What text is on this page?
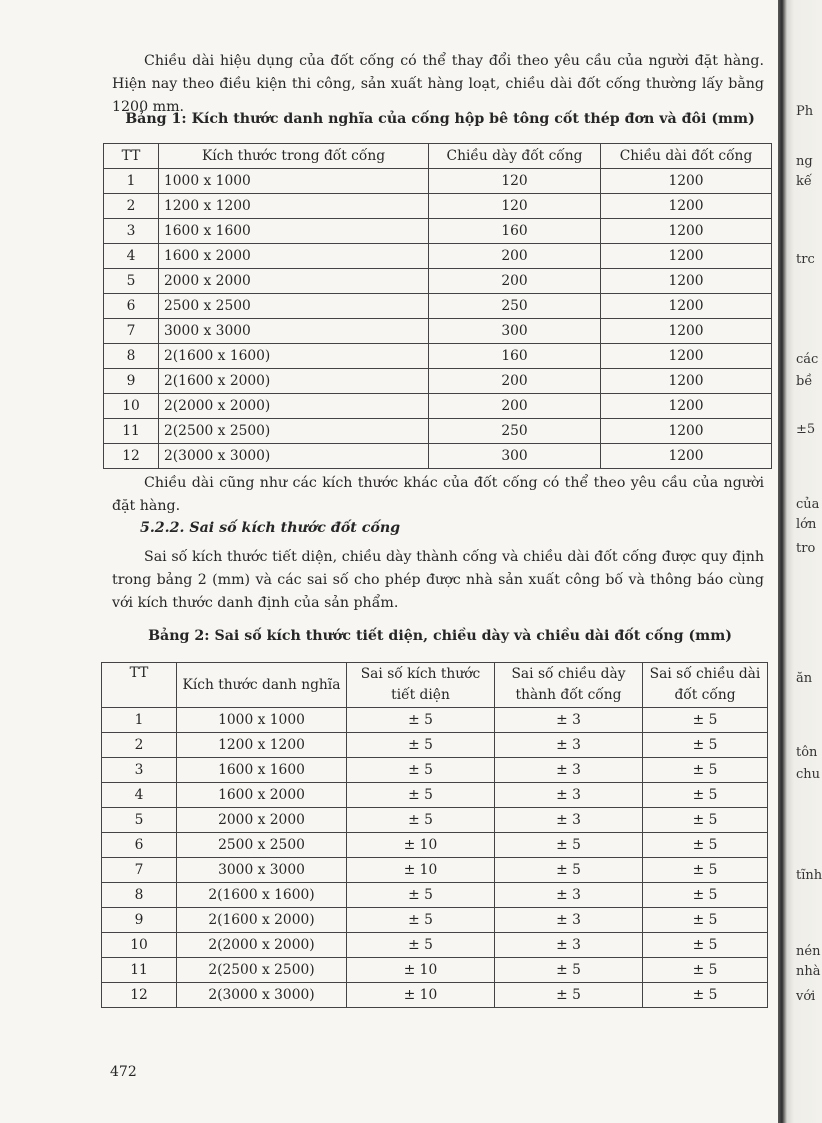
Chiều dài hiệu dụng của đốt cống có thể thay đổi theo yêu cầu của người đặt hàng. Hiện nay theo điều kiện thi công, sản xuất hàng loạt, chiều dài đốt cống thường lấy bằng 1200 mm.

Bảng 1: Kích thước danh nghĩa của cống hộp bê tông cốt thép đơn và đôi (mm)

TT	Kích thước trong đốt cống	Chiều dày đốt cống	Chiều dài đốt cống
1	1000 x 1000	120	1200
2	1200 x 1200	120	1200
3	1600 x 1600	160	1200
4	1600 x 2000	200	1200
5	2000 x 2000	200	1200
6	2500 x 2500	250	1200
7	3000 x 3000	300	1200
8	2(1600 x 1600)	160	1200
9	2(1600 x 2000)	200	1200
10	2(2000 x 2000)	200	1200
11	2(2500 x 2500)	250	1200
12	2(3000 x 3000)	300	1200

Chiều dài cũng như các kích thước khác của đốt cống có thể theo yêu cầu của người đặt hàng.

5.2.2. Sai số kích thước đốt cống

Sai số kích thước tiết diện, chiều dày thành cống và chiều dài đốt cống được quy định trong bảng 2 (mm) và các sai số cho phép được nhà sản xuất công bố và thông báo cùng với kích thước danh định của sản phẩm.

Bảng 2: Sai số kích thước tiết diện, chiều dày và chiều dài đốt cống (mm)

TT	Kích thước danh nghĩa	Sai số kích thước tiết diện	Sai số chiều dày thành đốt cống	Sai số chiều dài đốt cống
1	1000 x 1000	± 5	± 3	± 5
2	1200 x 1200	± 5	± 3	± 5
3	1600 x 1600	± 5	± 3	± 5
4	1600 x 2000	± 5	± 3	± 5
5	2000 x 2000	± 5	± 3	± 5
6	2500 x 2500	± 10	± 5	± 5
7	3000 x 3000	± 10	± 5	± 5
8	2(1600 x 1600)	± 5	± 3	± 5
9	2(1600 x 2000)	± 5	± 3	± 5
10	2(2000 x 2000)	± 5	± 3	± 5
11	2(2500 x 2500)	± 10	± 5	± 5
12	2(3000 x 3000)	± 10	± 5	± 5
472
Ph
ng
kế
trc
các
bề
±5
của
lớn
tro
ăn
tôn
chu
tĩnh
nén
nhà
với
